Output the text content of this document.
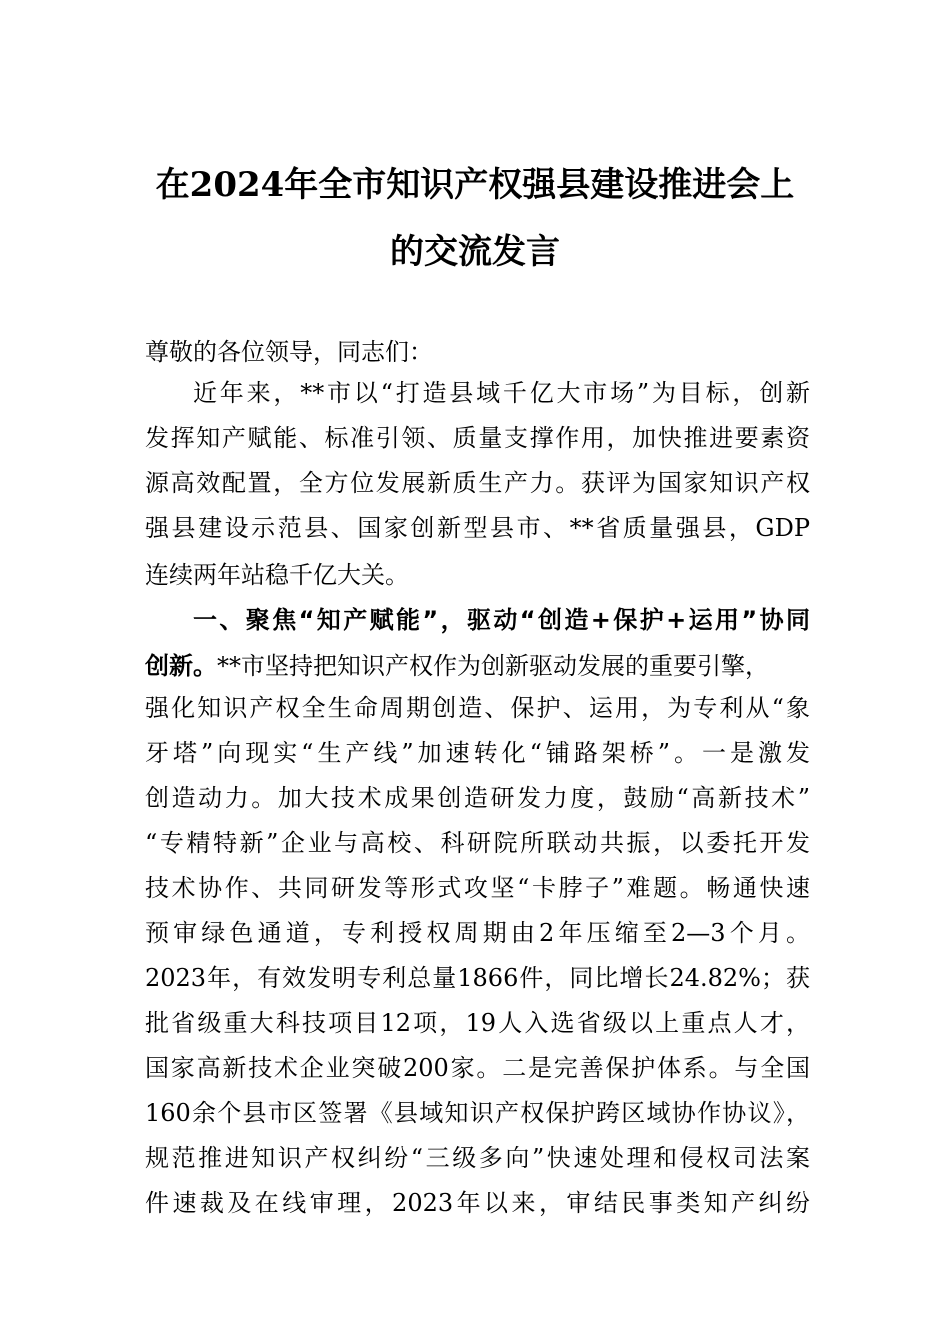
在2024年全市知识产权强县建设推进会上
的交流发言
尊敬的各位领导，同志们：
近年来，**市以“打造县域千亿大市场”为目标，创新
发挥知产赋能、标准引领、质量支撑作用，加快推进要素资
源高效配置，全方位发展新质生产力。获评为国家知识产权
强县建设示范县、国家创新型县市、**省质量强县，GDP
连续两年站稳千亿大关。
一、聚焦“知产赋能”，驱动“创造+保护+运用”协同
创新。**市坚持把知识产权作为创新驱动发展的重要引擎，
强化知识产权全生命周期创造、保护、运用，为专利从“象
牙塔”向现实“生产线”加速转化“铺路架桥”。一是激发
创造动力。加大技术成果创造研发力度，鼓励“高新技术”
“专精特新”企业与高校、科研院所联动共振，以委托开发
技术协作、共同研发等形式攻坚“卡脖子”难题。畅通快速
预审绿色通道，专利授权周期由2年压缩至2—3个月。
2023年，有效发明专利总量1866件，同比增长24.82%；获
批省级重大科技项目12项，19人入选省级以上重点人才，
国家高新技术企业突破200家。二是完善保护体系。与全国
160余个县市区签署《县域知识产权保护跨区域协作协议》，
规范推进知识产权纠纷“三级多向”快速处理和侵权司法案
件速裁及在线审理，2023年以来，审结民事类知产纠纷
